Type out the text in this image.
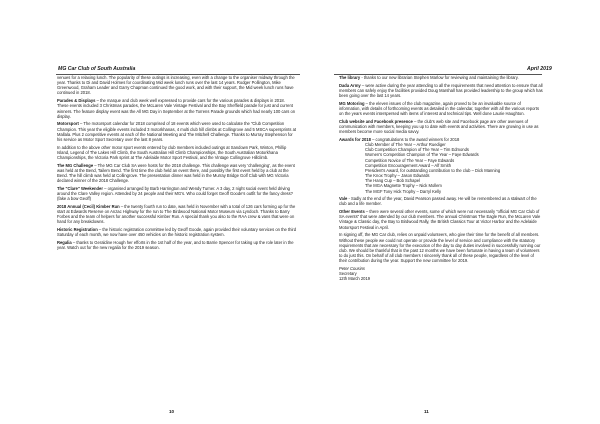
MG Car Club of South Australia	April 2019

venues for a relaxing lunch. The popularity of these outings is increasing, even with a change to the organiser midway through the year. Thanks to Di and David Holmes for coordinating Mid week lunch runs over the last 14 years. Rodger Pollington, Mike Greenwood, Graham Leader and Garry Chapman continued the good work, and with their support, the Mid week lunch runs have continued in 2018.

Parades & Displays – the marque and club week well expressed to provide cars for the various parades & displays in 2018. These events included 3 Christmas parades, the McLaren Vale Vintage Festival and the Bay Sheffield parade for just and current winners. The feature display event was the All MG Day in September at the Torrens Parade grounds which had nearly 100 cars on display.

Motorsport – The motorsport calendar for 2018 comprised of 18 events which were used to calculate the "Club Competition Champion. This year the eligible events included 3 motorkhanas, 4 multi club hill climbs at Collingrove and 5 MSCA supersprints at Mallala. Plus 2 competitive events at each of the National Meeting and The Mitchell Challenge. Thanks to Murray Stephenson for his service as Motor Sport Secretary over the last 8 years.

In addition to the above other motor sport events entered by club members included outings at Sandown Park, Winton, Phillip Island, Legend of The Lakes Hill Climb, the South Australian Hill Climb Championships, the South Australian Motorkhana Championships, the Victoria Park sprint at The Adelaide Motor Sport Festival, and the Vintage Collingrove Hillclimb.

The MG Challenge – The MG Car Club SA were hosts for the 2018 challenge. This challenge was very 'challenging', as the event was held at the Bend, Tailem Bend. The first time the club held an event there, and possibly the first event held by a club at the Bend. The hill climb was held at Collingrove. The presentation dinner was held in the Murray Bridge Golf Club with MG Victoria declared winner of the 2018 Challenge.

The "Clare" Weekender – organised arranged by Barb Harrington and Wendy Turner. A 3 day, 2 night social event held driving around the Clare Valley region. Attended by 24 people and their MG's. Who could forget Geoff Goode's outfit for the fancy dress? (fake a bow Geoff)

2018 Annual (Cecil) Kimber Run – the twenty fourth run to date, was held in November with a total of 126 cars forming up for the start at Edwards Reserve on Anzac Highway for the run to The Birdwood National Motor Museum via Lyndoch. Thanks to Barry Forbes and the team of helpers for another successful Kimber Run. A special thank you also to the RAA crew & vans that were on hand for any breakdowns.

Historic Registration – the historic registration committee led by Geoff Goode, again provided their voluntary services on the third Saturday of each month, we now have over 450 vehicles on the historic registration system.

Regalia – thanks to Geraldine Hough her efforts in the 1st half of the year, and to Barrie Spencer for taking up the role later in the year. Watch out for the new regalia for the 2019 season.

The library - thanks to our new librarian Stephen Marlow for reviewing and maintaining the library.

Dada Army – were active during the year attending to all the requirements that need attention to ensure that all members can safely enjoy the facilities provided Doug Marshall has provided leadership to the group which has been going over the last 14 years.

MG Motoring – the eleven issues of the club magazine, again proved to be an invaluable source of information, with details of forthcoming events as detailed in the calendar, together with all the various reports on the years events interspersed with items of interest and technical tips. Well done Laurie Haughton.

Club website and Facebook presence – the club's web site and Facebook page are other avenues of communication with members, keeping you up to date with events and activities. There are growing in use as members become more social media savvy.

Awards for 2018 – congratulations to the award winners for 2018
Club Member of The Year – Arthur Ruediger
Club Competition Champion of The Year – Tim Edmonds
Women's Competition Champion of The Year – Faye Edwards
Competition Novice of The Year – Faye Edwards
Competition Encouragement Award – Alf Smith
President's Award, for outstanding contribution to the club – Dick Manning
The Knox Trophy – Jason Edwards
The Hang Cup – Bob Schapel
The MGA Magnette Trophy – Nick Mollem
The MGF Tony Hick Trophy – Darryl Kelly

Vale - Sadly at the end of the year, David Pearson passed away. He will be remembered as a stalwart of the club and a life member.

Other Events – there were several other events, some of which were not necessarily "official MG Car Club of SA events" that were attended by our club members. The annual Christmas The Eagle Run, the McLaren Vale Vintage & Classic day, the Bay to Birdwood Rally, the British Classics Tour at Victor Harbor and the Adelaide Motorsport Festival in April.

In signing off, the MG Car club, relies on unpaid volunteers, who give their time for the benefit of all members. Without these people we could not operate or provide the level of service and compliance with the statutory requirements that are necessary for the execution of the day to day duties involved in successfully running our club. We should be thankful that in the past 12 months we have been fortunate in having a team of volunteers to do just this. On behalf of all club members I sincerely thank all of these people, regardless of the level of their contribution during the year. Support the new committee for 2019.

Peter Cousins
Secretary
12th March 2019
10	11
